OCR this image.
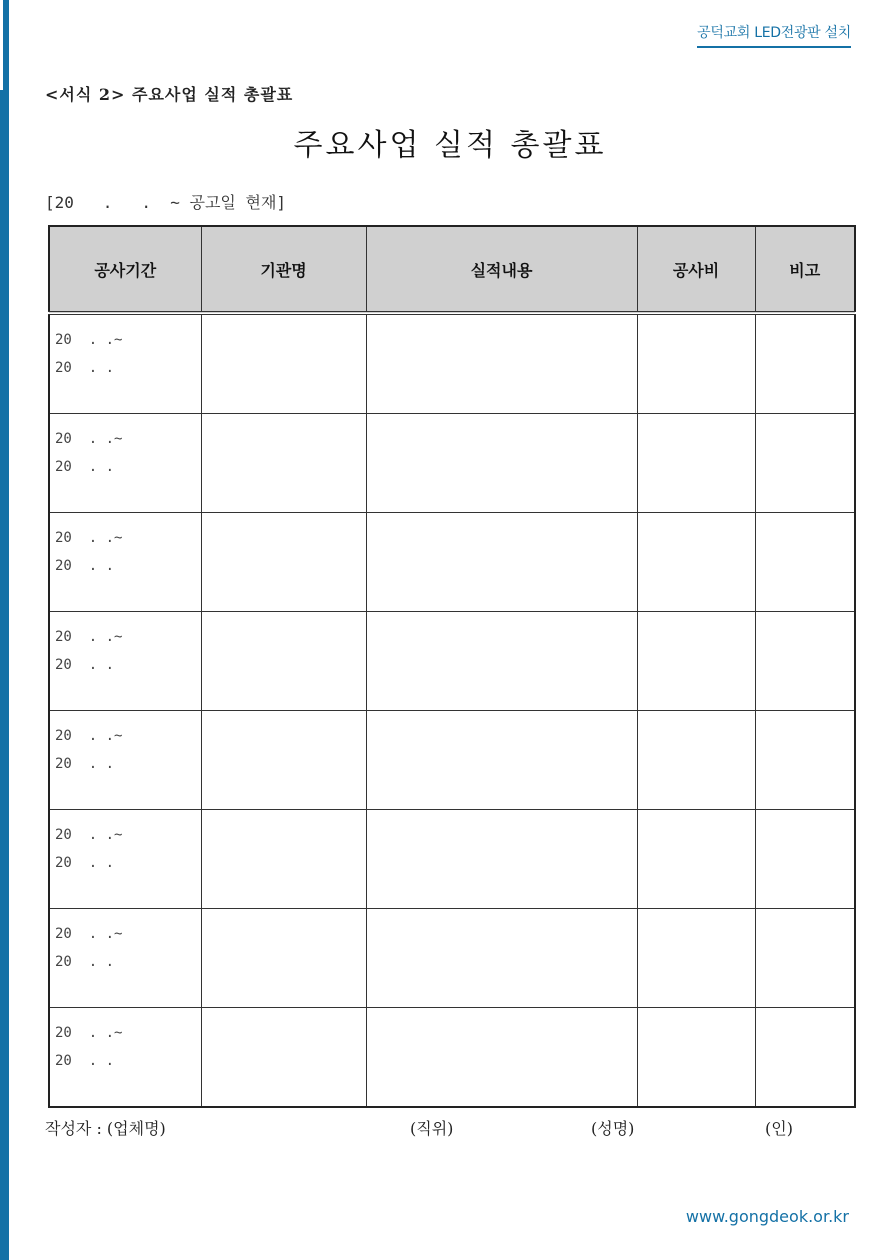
공덕교회 LED전광판 설치
<서식 2> 주요사업 실적 총괄표
주요사업 실적 총괄표
[20   .   .  ~ 공고일 현재]
공사기간	기관명	실적내용	공사비	비고

20  . .~
20  . .				

20  . .~
20  . .				

20  . .~
20  . .				

20  . .~
20  . .				

20  . .~
20  . .				

20  . .~
20  . .				

20  . .~
20  . .				

20  . .~
20  . .				

작성자 : (업체명)	(직위)	(성명)	(인)
www.gongdeok.or.kr
